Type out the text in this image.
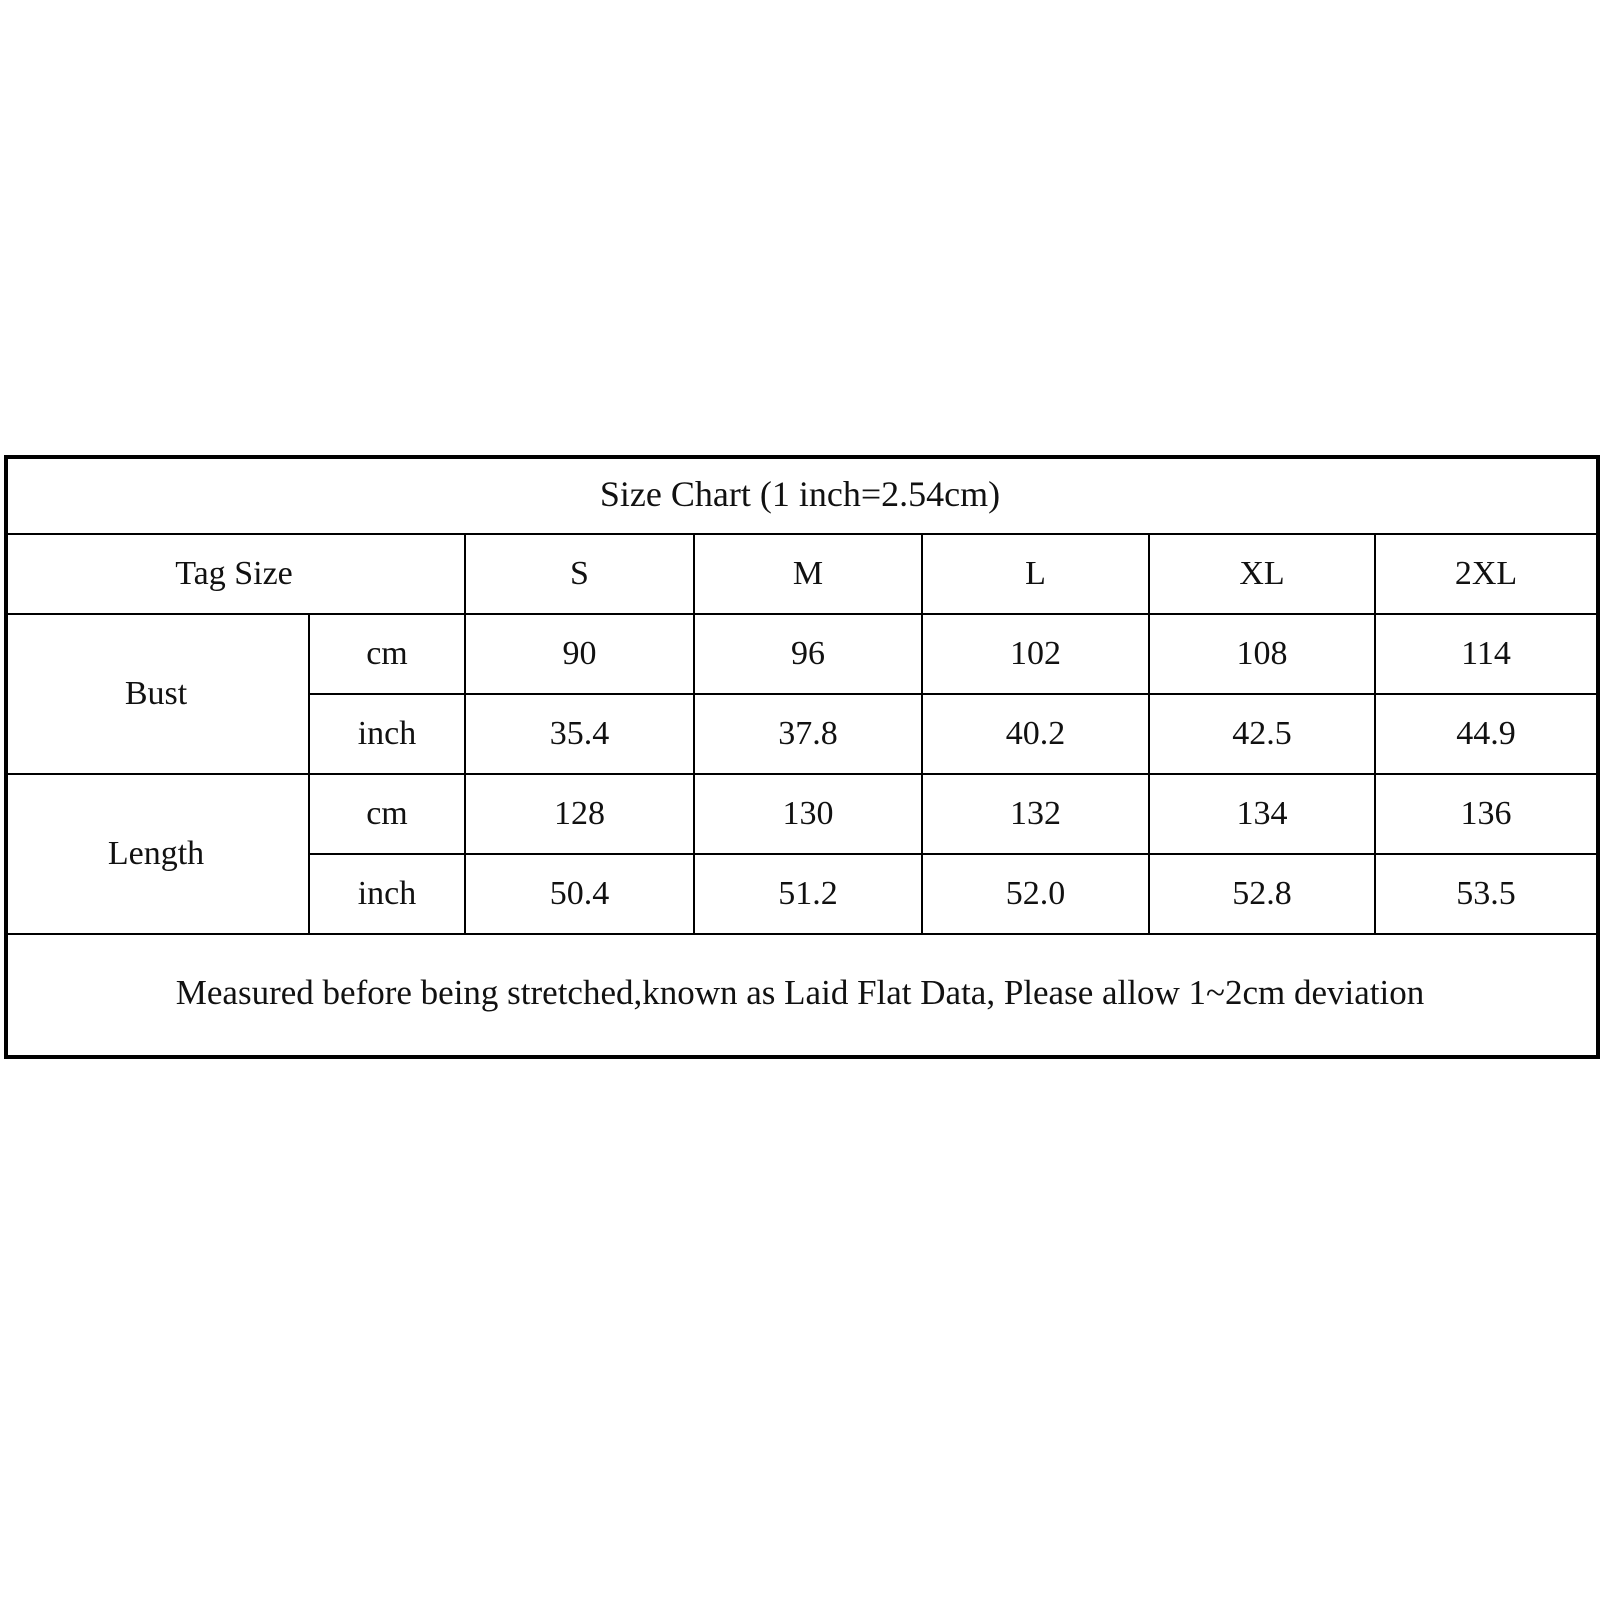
Size Chart (1 inch=2.54cm)
Tag Size	S	M	L	XL	2XL
Bust
cm	90	96	102	108	114
inch	35.4	37.8	40.2	42.5	44.9
Length
cm	128	130	132	134	136
inch	50.4	51.2	52.0	52.8	53.5
Measured before being stretched,known as Laid Flat Data, Please allow 1~2cm deviation
